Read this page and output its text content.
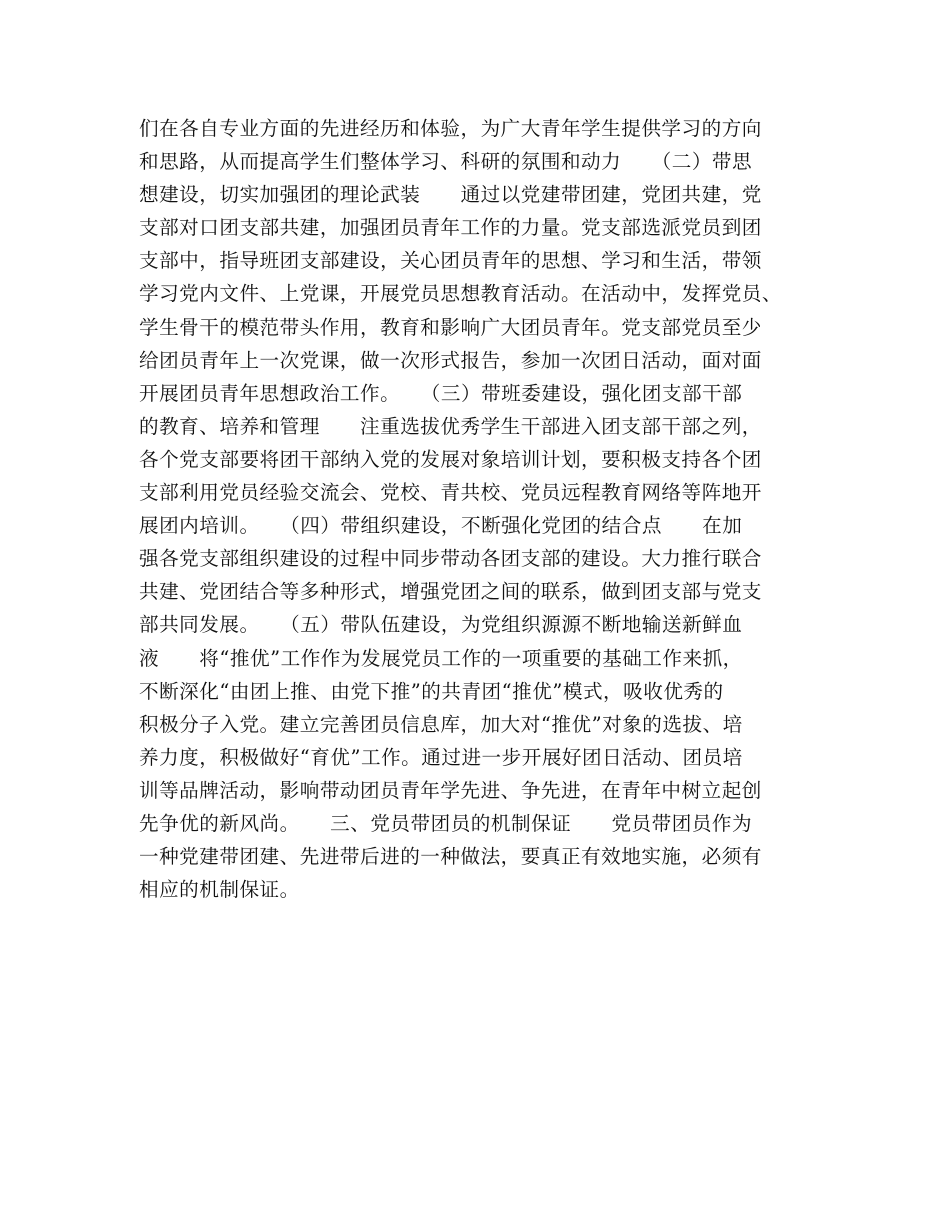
们在各自专业方面的先进经历和体验，为广大青年学生提供学习的方向
和思路，从而提高学生们整体学习、科研的氛围和动力　　（二）带思
想建设，切实加强团的理论武装　　通过以党建带团建，党团共建，党
支部对口团支部共建，加强团员青年工作的力量。党支部选派党员到团
支部中，指导班团支部建设，关心团员青年的思想、学习和生活，带领
学习党内文件、上党课，开展党员思想教育活动。在活动中，发挥党员、
学生骨干的模范带头作用，教育和影响广大团员青年。党支部党员至少
给团员青年上一次党课，做一次形式报告，参加一次团日活动，面对面
开展团员青年思想政治工作。　　（三）带班委建设，强化团支部干部
的教育、培养和管理　　注重选拔优秀学生干部进入团支部干部之列，
各个党支部要将团干部纳入党的发展对象培训计划，要积极支持各个团
支部利用党员经验交流会、党校、青共校、党员远程教育网络等阵地开
展团内培训。　　（四）带组织建设，不断强化党团的结合点　　在加
强各党支部组织建设的过程中同步带动各团支部的建设。大力推行联合
共建、党团结合等多种形式，增强党团之间的联系，做到团支部与党支
部共同发展。　　（五）带队伍建设，为党组织源源不断地输送新鲜血
液　　将“推优”工作作为发展党员工作的一项重要的基础工作来抓，
不断深化“由团上推、由党下推”的共青团“推优”模式，吸收优秀的
积极分子入党。建立完善团员信息库，加大对“推优”对象的选拔、培
养力度，积极做好“育优”工作。通过进一步开展好团日活动、团员培
训等品牌活动，影响带动团员青年学先进、争先进，在青年中树立起创
先争优的新风尚。　　三、党员带团员的机制保证　　党员带团员作为
一种党建带团建、先进带后进的一种做法，要真正有效地实施，必须有
相应的机制保证。
